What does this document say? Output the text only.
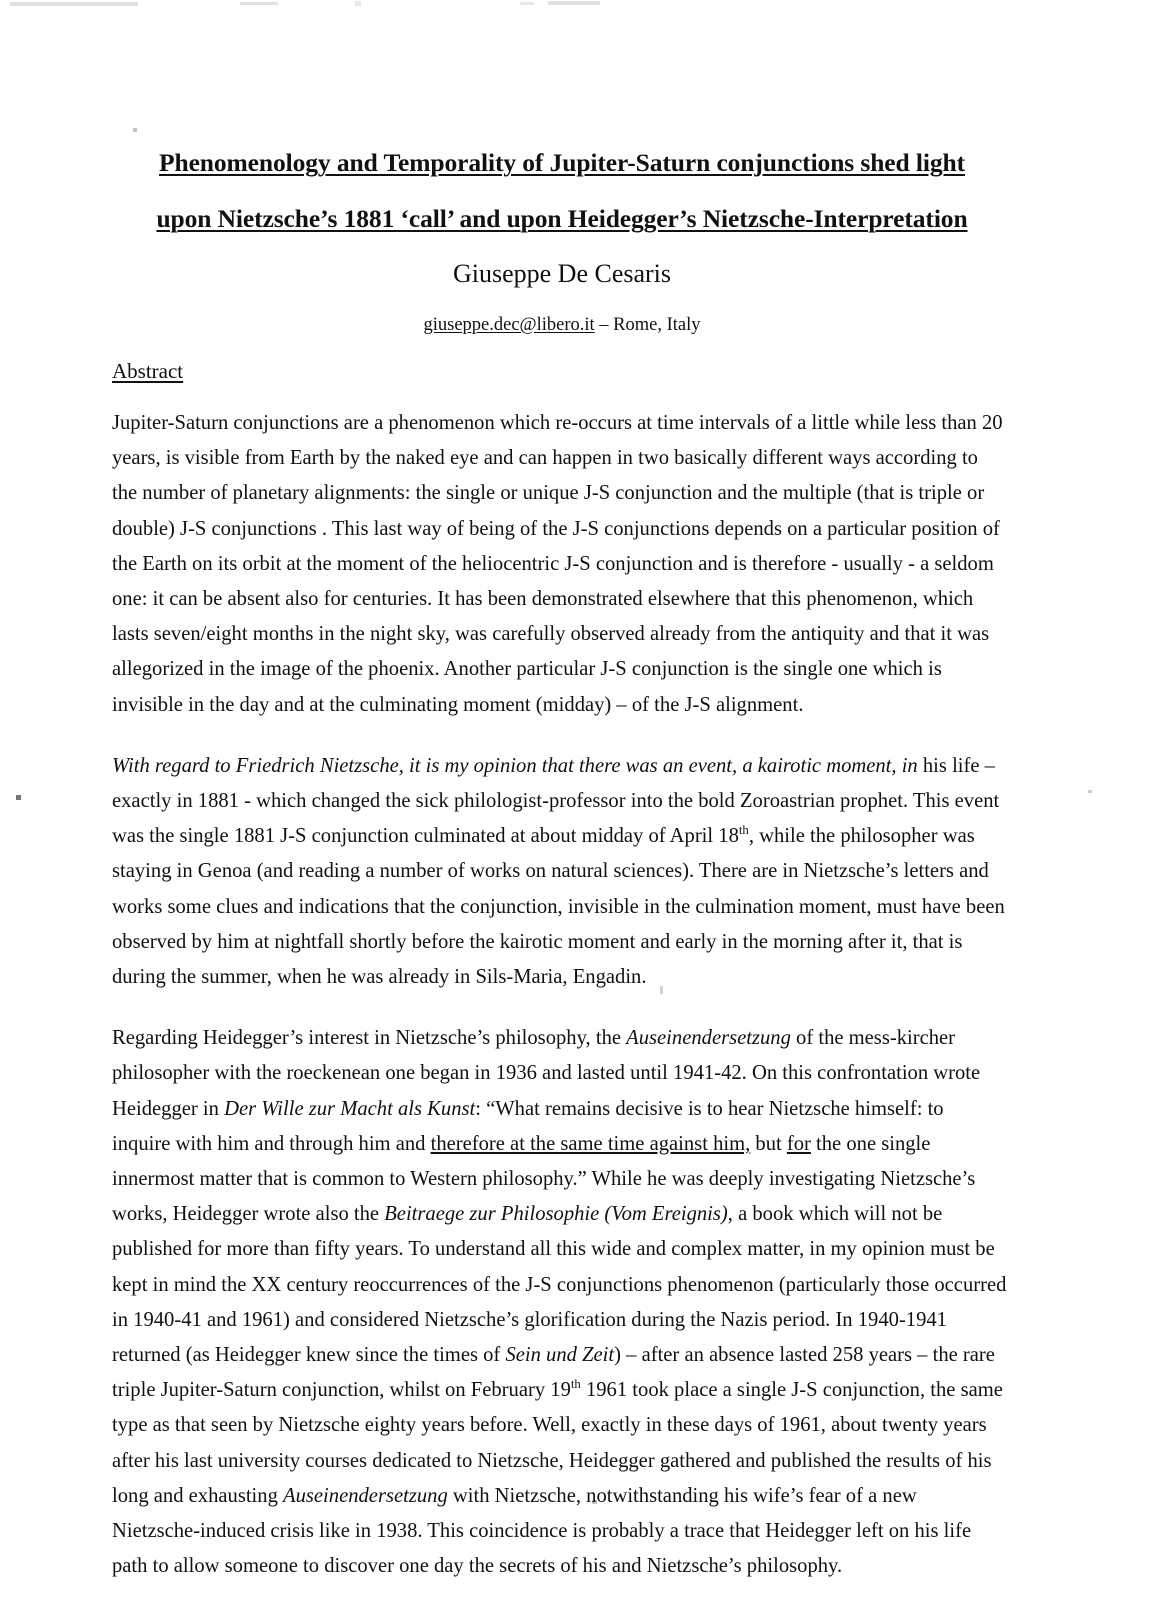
Phenomenology and Temporality of Jupiter-Saturn conjunctions shed light
upon Nietzsche’s 1881 ‘call’ and upon Heidegger’s Nietzsche-Interpretation
Giuseppe De Cesaris
giuseppe.dec@libero.it – Rome, Italy
Abstract

Jupiter-Saturn conjunctions are a phenomenon which re-occurs at time intervals of a little while less than 20 years, is visible from Earth by the naked eye and can happen in two basically different ways according to the number of planetary alignments: the single or unique J-S conjunction and the multiple (that is triple or double) J-S conjunctions . This last way of being of the J-S conjunctions depends on a particular position of the Earth on its orbit at the moment of the heliocentric J-S conjunction and is therefore - usually - a seldom one: it can be absent also for centuries. It has been demonstrated elsewhere that this phenomenon, which lasts seven/eight months in the night sky, was carefully observed already from the antiquity and that it was allegorized in the image of the phoenix. Another particular J-S conjunction is the single one which is invisible in the day and at the culminating moment (midday) – of the J-S alignment.

With regard to Friedrich Nietzsche, it is my opinion that there was an event, a kairotic moment, in his life – exactly in 1881 - which changed the sick philologist-professor into the bold Zoroastrian prophet. This event was the single 1881 J-S conjunction culminated at about midday of April 18th, while the philosopher was staying in Genoa (and reading a number of works on natural sciences). There are in Nietzsche’s letters and works some clues and indications that the conjunction, invisible in the culmination moment, must have been observed by him at nightfall shortly before the kairotic moment and early in the morning after it, that is during the summer, when he was already in Sils-Maria, Engadin.

Regarding Heidegger’s interest in Nietzsche’s philosophy, the Auseinendersetzung of the mess-kircher philosopher with the roeckenean one began in 1936 and lasted until 1941-42. On this confrontation wrote Heidegger in Der Wille zur Macht als Kunst: “What remains decisive is to hear Nietzsche himself: to inquire with him and through him and therefore at the same time against him, but for the one single innermost matter that is common to Western philosophy.” While he was deeply investigating Nietzsche’s works, Heidegger wrote also the Beitraege zur Philosophie (Vom Ereignis), a book which will not be published for more than fifty years. To understand all this wide and complex matter, in my opinion must be kept in mind the XX century reoccurrences of the J-S conjunctions phenomenon (particularly those occurred in 1940-41 and 1961) and considered Nietzsche’s glorification during the Nazis period. In 1940-1941 returned (as Heidegger knew since the times of Sein und Zeit) – after an absence lasted 258 years – the rare triple Jupiter-Saturn conjunction, whilst on February 19th 1961 took place a single J-S conjunction, the same type as that seen by Nietzsche eighty years before. Well, exactly in these days of 1961, about twenty years after his last university courses dedicated to Nietzsche, Heidegger gathered and published the results of his long and exhausting Auseinendersetzung with Nietzsche, notwithstanding his wife’s fear of a new Nietzsche-induced crisis like in 1938. This coincidence is probably a trace that Heidegger left on his life path to allow someone to discover one day the secrets of his and Nietzsche’s philosophy.
